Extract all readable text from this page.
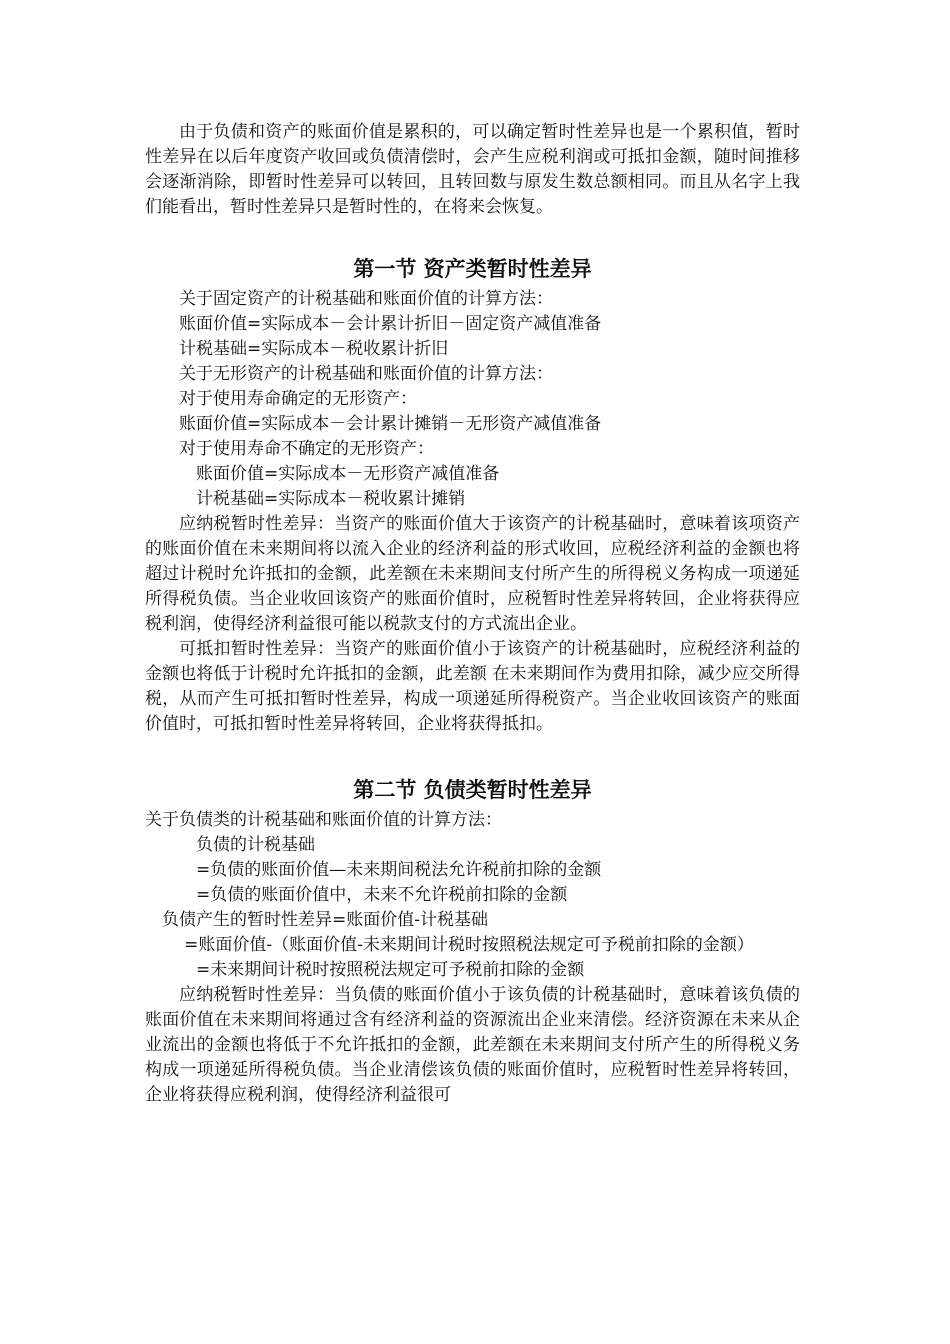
由于负债和资产的账面价值是累积的，可以确定暂时性差异也是一个累积值，暂时性差异在以后年度资产收回或负债清偿时，会产生应税利润或可抵扣金额，随时间推移会逐渐消除，即暂时性差异可以转回，且转回数与原发生数总额相同。而且从名字上我们能看出，暂时性差异只是暂时性的，在将来会恢复。

第一节 资产类暂时性差异
关于固定资产的计税基础和账面价值的计算方法：
账面价值=实际成本－会计累计折旧－固定资产减值准备
计税基础=实际成本－税收累计折旧
关于无形资产的计税基础和账面价值的计算方法：
对于使用寿命确定的无形资产：
账面价值=实际成本－会计累计摊销－无形资产减值准备
对于使用寿命不确定的无形资产：
账面价值=实际成本－无形资产减值准备
计税基础=实际成本－税收累计摊销

应纳税暂时性差异：当资产的账面价值大于该资产的计税基础时，意味着该项资产的账面价值在未来期间将以流入企业的经济利益的形式收回，应税经济利益的金额也将超过计税时允许抵扣的金额，此差额在未来期间支付所产生的所得税义务构成一项递延所得税负债。当企业收回该资产的账面价值时，应税暂时性差异将转回，企业将获得应税利润，使得经济利益很可能以税款支付的方式流出企业。

可抵扣暂时性差异：当资产的账面价值小于该资产的计税基础时，应税经济利益的金额也将低于计税时允许抵扣的金额，此差额 在未来期间作为费用扣除，减少应交所得税，从而产生可抵扣暂时性差异，构成一项递延所得税资产。当企业收回该资产的账面价值时，可抵扣暂时性差异将转回，企业将获得抵扣。

第二节 负债类暂时性差异
关于负债类的计税基础和账面价值的计算方法：
负债的计税基础
=负债的账面价值—未来期间税法允许税前扣除的金额
=负债的账面价值中，未来不允许税前扣除的金额
负债产生的暂时性差异=账面价值-计税基础

=账面价值-（账面价值-未来期间计税时按照税法规定可予税前扣除的金额）

=未来期间计税时按照税法规定可予税前扣除的金额

应纳税暂时性差异：当负债的账面价值小于该负债的计税基础时，意味着该负债的账面价值在未来期间将通过含有经济利益的资源流出企业来清偿。经济资源在未来从企业流出的金额也将低于不允许抵扣的金额，此差额在未来期间支付所产生的所得税义务构成一项递延所得税负债。当企业清偿该负债的账面价值时，应税暂时性差异将转回，企业将获得应税利润，使得经济利益很可
